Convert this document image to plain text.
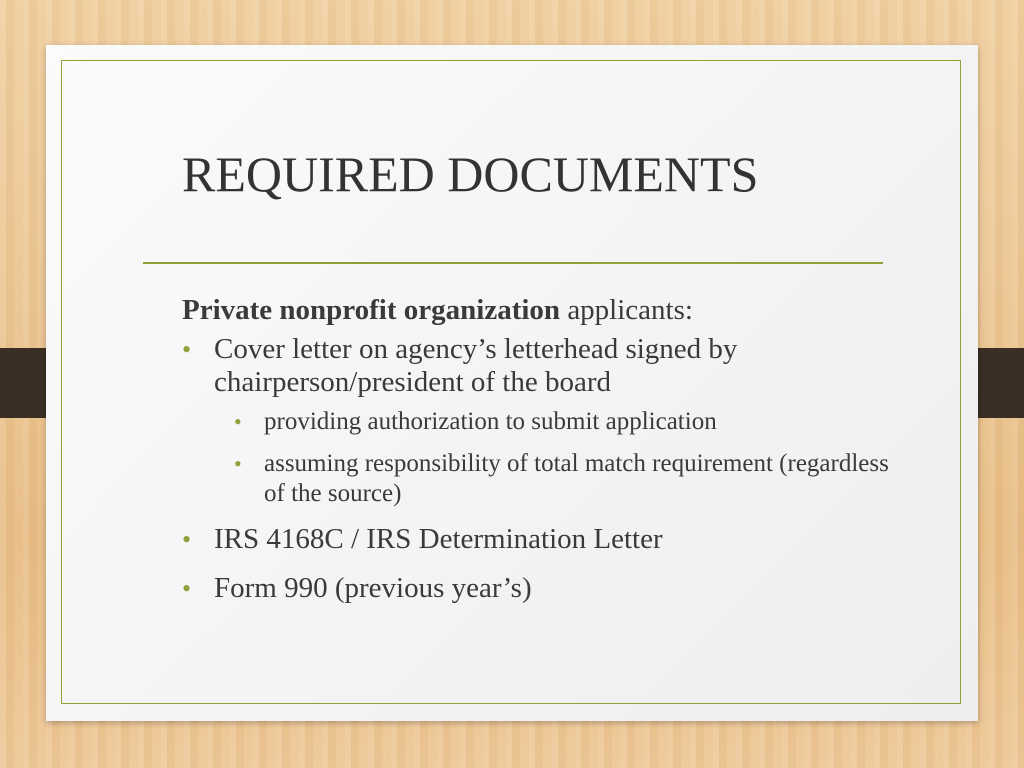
REQUIRED DOCUMENTS

Private nonprofit organization applicants:

• Cover letter on agency’s letterhead signed by chairperson/president of the board
• providing authorization to submit application
• assuming responsibility of total match requirement (regardless of the source)
• IRS 4168C / IRS Determination Letter
• Form 990 (previous year’s)
